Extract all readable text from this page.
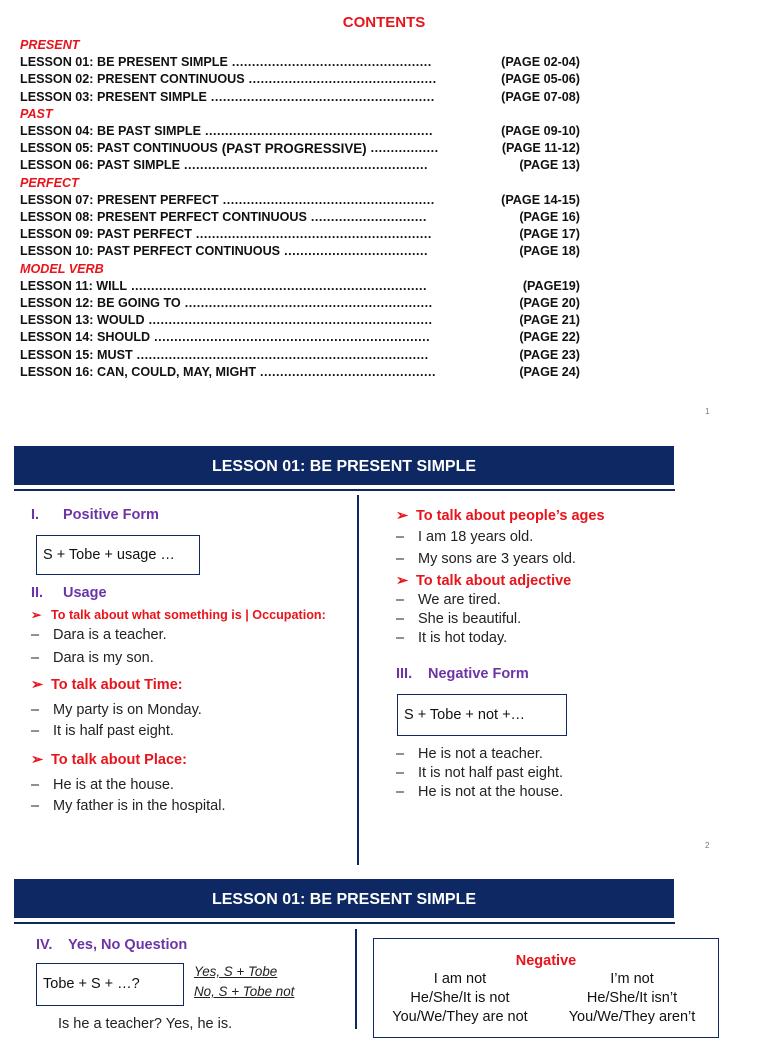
CONTENTS
PRESENT
LESSON 01: BE PRESENT SIMPLE ..................................................	(PAGE 02-04)
LESSON 02: PRESENT CONTINUOUS ...............................................	(PAGE 05-06)
LESSON 03: PRESENT SIMPLE ........................................................	(PAGE 07-08)
PAST
LESSON 04: BE PAST SIMPLE .........................................................	(PAGE 09-10)
LESSON 05: PAST CONTINUOUS (PAST PROGRESSIVE) .................	(PAGE 11-12)
LESSON 06: PAST SIMPLE .............................................................	(PAGE 13)
PERFECT
LESSON 07: PRESENT PERFECT .....................................................	(PAGE 14-15)
LESSON 08: PRESENT PERFECT CONTINUOUS .............................	(PAGE 16)
LESSON 09: PAST PERFECT ...........................................................	(PAGE 17)
LESSON 10: PAST PERFECT CONTINUOUS ....................................	(PAGE 18)
MODEL VERB
LESSON 11: WILL ..........................................................................	(PAGE19)
LESSON 12: BE GOING TO ..............................................................	(PAGE 20)
LESSON 13: WOULD .......................................................................	(PAGE 21)
LESSON 14: SHOULD .....................................................................	(PAGE 22)
LESSON 15: MUST .........................................................................	(PAGE 23)
LESSON 16: CAN, COULD, MAY, MIGHT ............................................	(PAGE 24)
1
LESSON 01: BE PRESENT SIMPLE
I. Positive Form
S + Tobe + usage …
II. Usage
➢ To talk about what something is | Occupation:
– Dara is a teacher.
– Dara is my son.
➢ To talk about Time:
– My party is on Monday.
– It is half past eight.
➢ To talk about Place:
– He is at the house.
– My father is in the hospital.
➢ To talk about people’s ages
– I am 18 years old.
– My sons are 3 years old.
➢ To talk about adjective
– We are tired.
– She is beautiful.
– It is hot today.
III. Negative Form
S + Tobe + not +…
– He is not a teacher.
– It is not half past eight.
– He is not at the house.
2
LESSON 01: BE PRESENT SIMPLE
IV. Yes, No Question
Tobe + S + …?
Yes, S + Tobe
No, S + Tobe not
Is he a teacher? Yes, he is.
Negative
I am not	I’m not
He/She/It is not	He/She/It isn’t
You/We/They are not	You/We/They aren’t
